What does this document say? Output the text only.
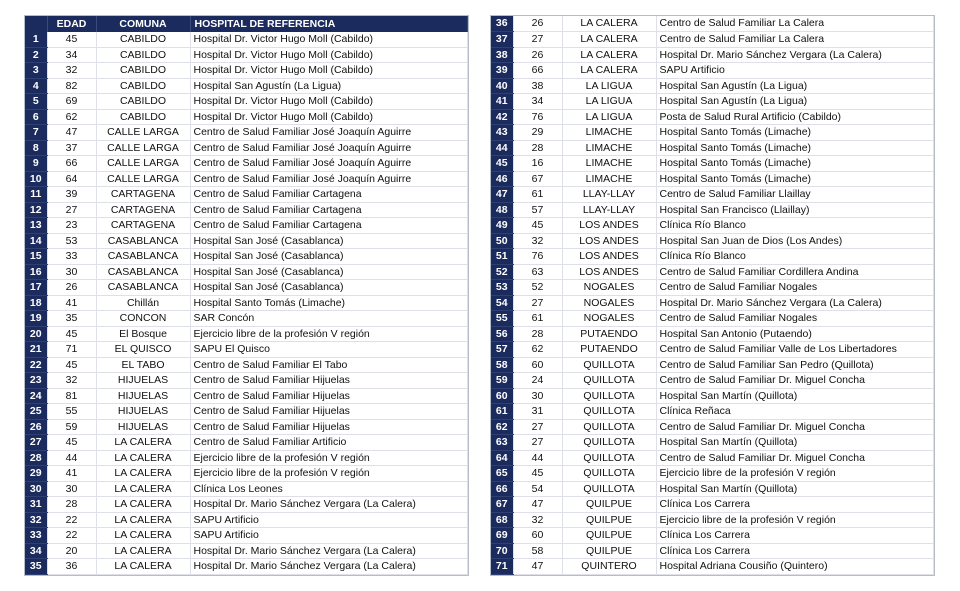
	EDAD	COMUNA	HOSPITAL DE REFERENCIA
1	45	CABILDO	Hospital Dr. Victor Hugo Moll (Cabildo)
2	34	CABILDO	Hospital Dr. Victor Hugo Moll (Cabildo)
3	32	CABILDO	Hospital Dr. Victor Hugo Moll (Cabildo)
4	82	CABILDO	Hospital San Agustín (La Ligua)
5	69	CABILDO	Hospital Dr. Victor Hugo Moll (Cabildo)
6	62	CABILDO	Hospital Dr. Victor Hugo Moll (Cabildo)
7	47	CALLE LARGA	Centro de Salud Familiar José Joaquín Aguirre
8	37	CALLE LARGA	Centro de Salud Familiar José Joaquín Aguirre
9	66	CALLE LARGA	Centro de Salud Familiar José Joaquín Aguirre
10	64	CALLE LARGA	Centro de Salud Familiar José Joaquín Aguirre
11	39	CARTAGENA	Centro de Salud Familiar Cartagena
12	27	CARTAGENA	Centro de Salud Familiar Cartagena
13	23	CARTAGENA	Centro de Salud Familiar Cartagena
14	53	CASABLANCA	Hospital San José (Casablanca)
15	33	CASABLANCA	Hospital San José (Casablanca)
16	30	CASABLANCA	Hospital San José (Casablanca)
17	26	CASABLANCA	Hospital San José (Casablanca)
18	41	Chillán	Hospital Santo Tomás (Limache)
19	35	CONCON	SAR Concón
20	45	El Bosque	Ejercicio libre de la profesión V región
21	71	EL QUISCO	SAPU El Quisco
22	45	EL TABO	Centro de Salud Familiar El Tabo
23	32	HIJUELAS	Centro de Salud Familiar Hijuelas
24	81	HIJUELAS	Centro de Salud Familiar Hijuelas
25	55	HIJUELAS	Centro de Salud Familiar Hijuelas
26	59	HIJUELAS	Centro de Salud Familiar Hijuelas
27	45	LA CALERA	Centro de Salud Familiar Artificio
28	44	LA CALERA	Ejercicio libre de la profesión V región
29	41	LA CALERA	Ejercicio libre de la profesión V región
30	30	LA CALERA	Clínica Los Leones
31	28	LA CALERA	Hospital Dr. Mario Sánchez Vergara (La Calera)
32	22	LA CALERA	SAPU Artificio
33	22	LA CALERA	SAPU Artificio
34	20	LA CALERA	Hospital Dr. Mario Sánchez Vergara (La Calera)
35	36	LA CALERA	Hospital Dr. Mario Sánchez Vergara (La Calera)
36	26	LA CALERA	Centro de Salud Familiar La Calera
37	27	LA CALERA	Centro de Salud Familiar La Calera
38	26	LA CALERA	Hospital Dr. Mario Sánchez Vergara (La Calera)
39	66	LA CALERA	SAPU Artificio
40	38	LA LIGUA	Hospital San Agustín (La Ligua)
41	34	LA LIGUA	Hospital San Agustín (La Ligua)
42	76	LA LIGUA	Posta de Salud Rural Artificio (Cabildo)
43	29	LIMACHE	Hospital Santo Tomás (Limache)
44	28	LIMACHE	Hospital Santo Tomás (Limache)
45	16	LIMACHE	Hospital Santo Tomás (Limache)
46	67	LIMACHE	Hospital Santo Tomás (Limache)
47	61	LLAY-LLAY	Centro de Salud Familiar Llaillay
48	57	LLAY-LLAY	Hospital San Francisco (Llaillay)
49	45	LOS ANDES	Clínica Río Blanco
50	32	LOS ANDES	Hospital San Juan de Dios (Los Andes)
51	76	LOS ANDES	Clínica Río Blanco
52	63	LOS ANDES	Centro de Salud Familiar Cordillera Andina
53	52	NOGALES	Centro de Salud Familiar Nogales
54	27	NOGALES	Hospital Dr. Mario Sánchez Vergara (La Calera)
55	61	NOGALES	Centro de Salud Familiar Nogales
56	28	PUTAENDO	Hospital San Antonio (Putaendo)
57	62	PUTAENDO	Centro de Salud Familiar Valle de Los Libertadores
58	60	QUILLOTA	Centro de Salud Familiar San Pedro (Quillota)
59	24	QUILLOTA	Centro de Salud Familiar Dr. Miguel Concha
60	30	QUILLOTA	Hospital San Martín (Quillota)
61	31	QUILLOTA	Clínica Reñaca
62	27	QUILLOTA	Centro de Salud Familiar Dr. Miguel Concha
63	27	QUILLOTA	Hospital San Martín (Quillota)
64	44	QUILLOTA	Centro de Salud Familiar Dr. Miguel Concha
65	45	QUILLOTA	Ejercicio libre de la profesión V región
66	54	QUILLOTA	Hospital San Martín (Quillota)
67	47	QUILPUE	Clínica Los Carrera
68	32	QUILPUE	Ejercicio libre de la profesión V región
69	60	QUILPUE	Clínica Los Carrera
70	58	QUILPUE	Clínica Los Carrera
71	47	QUINTERO	Hospital Adriana Cousiño (Quintero)
